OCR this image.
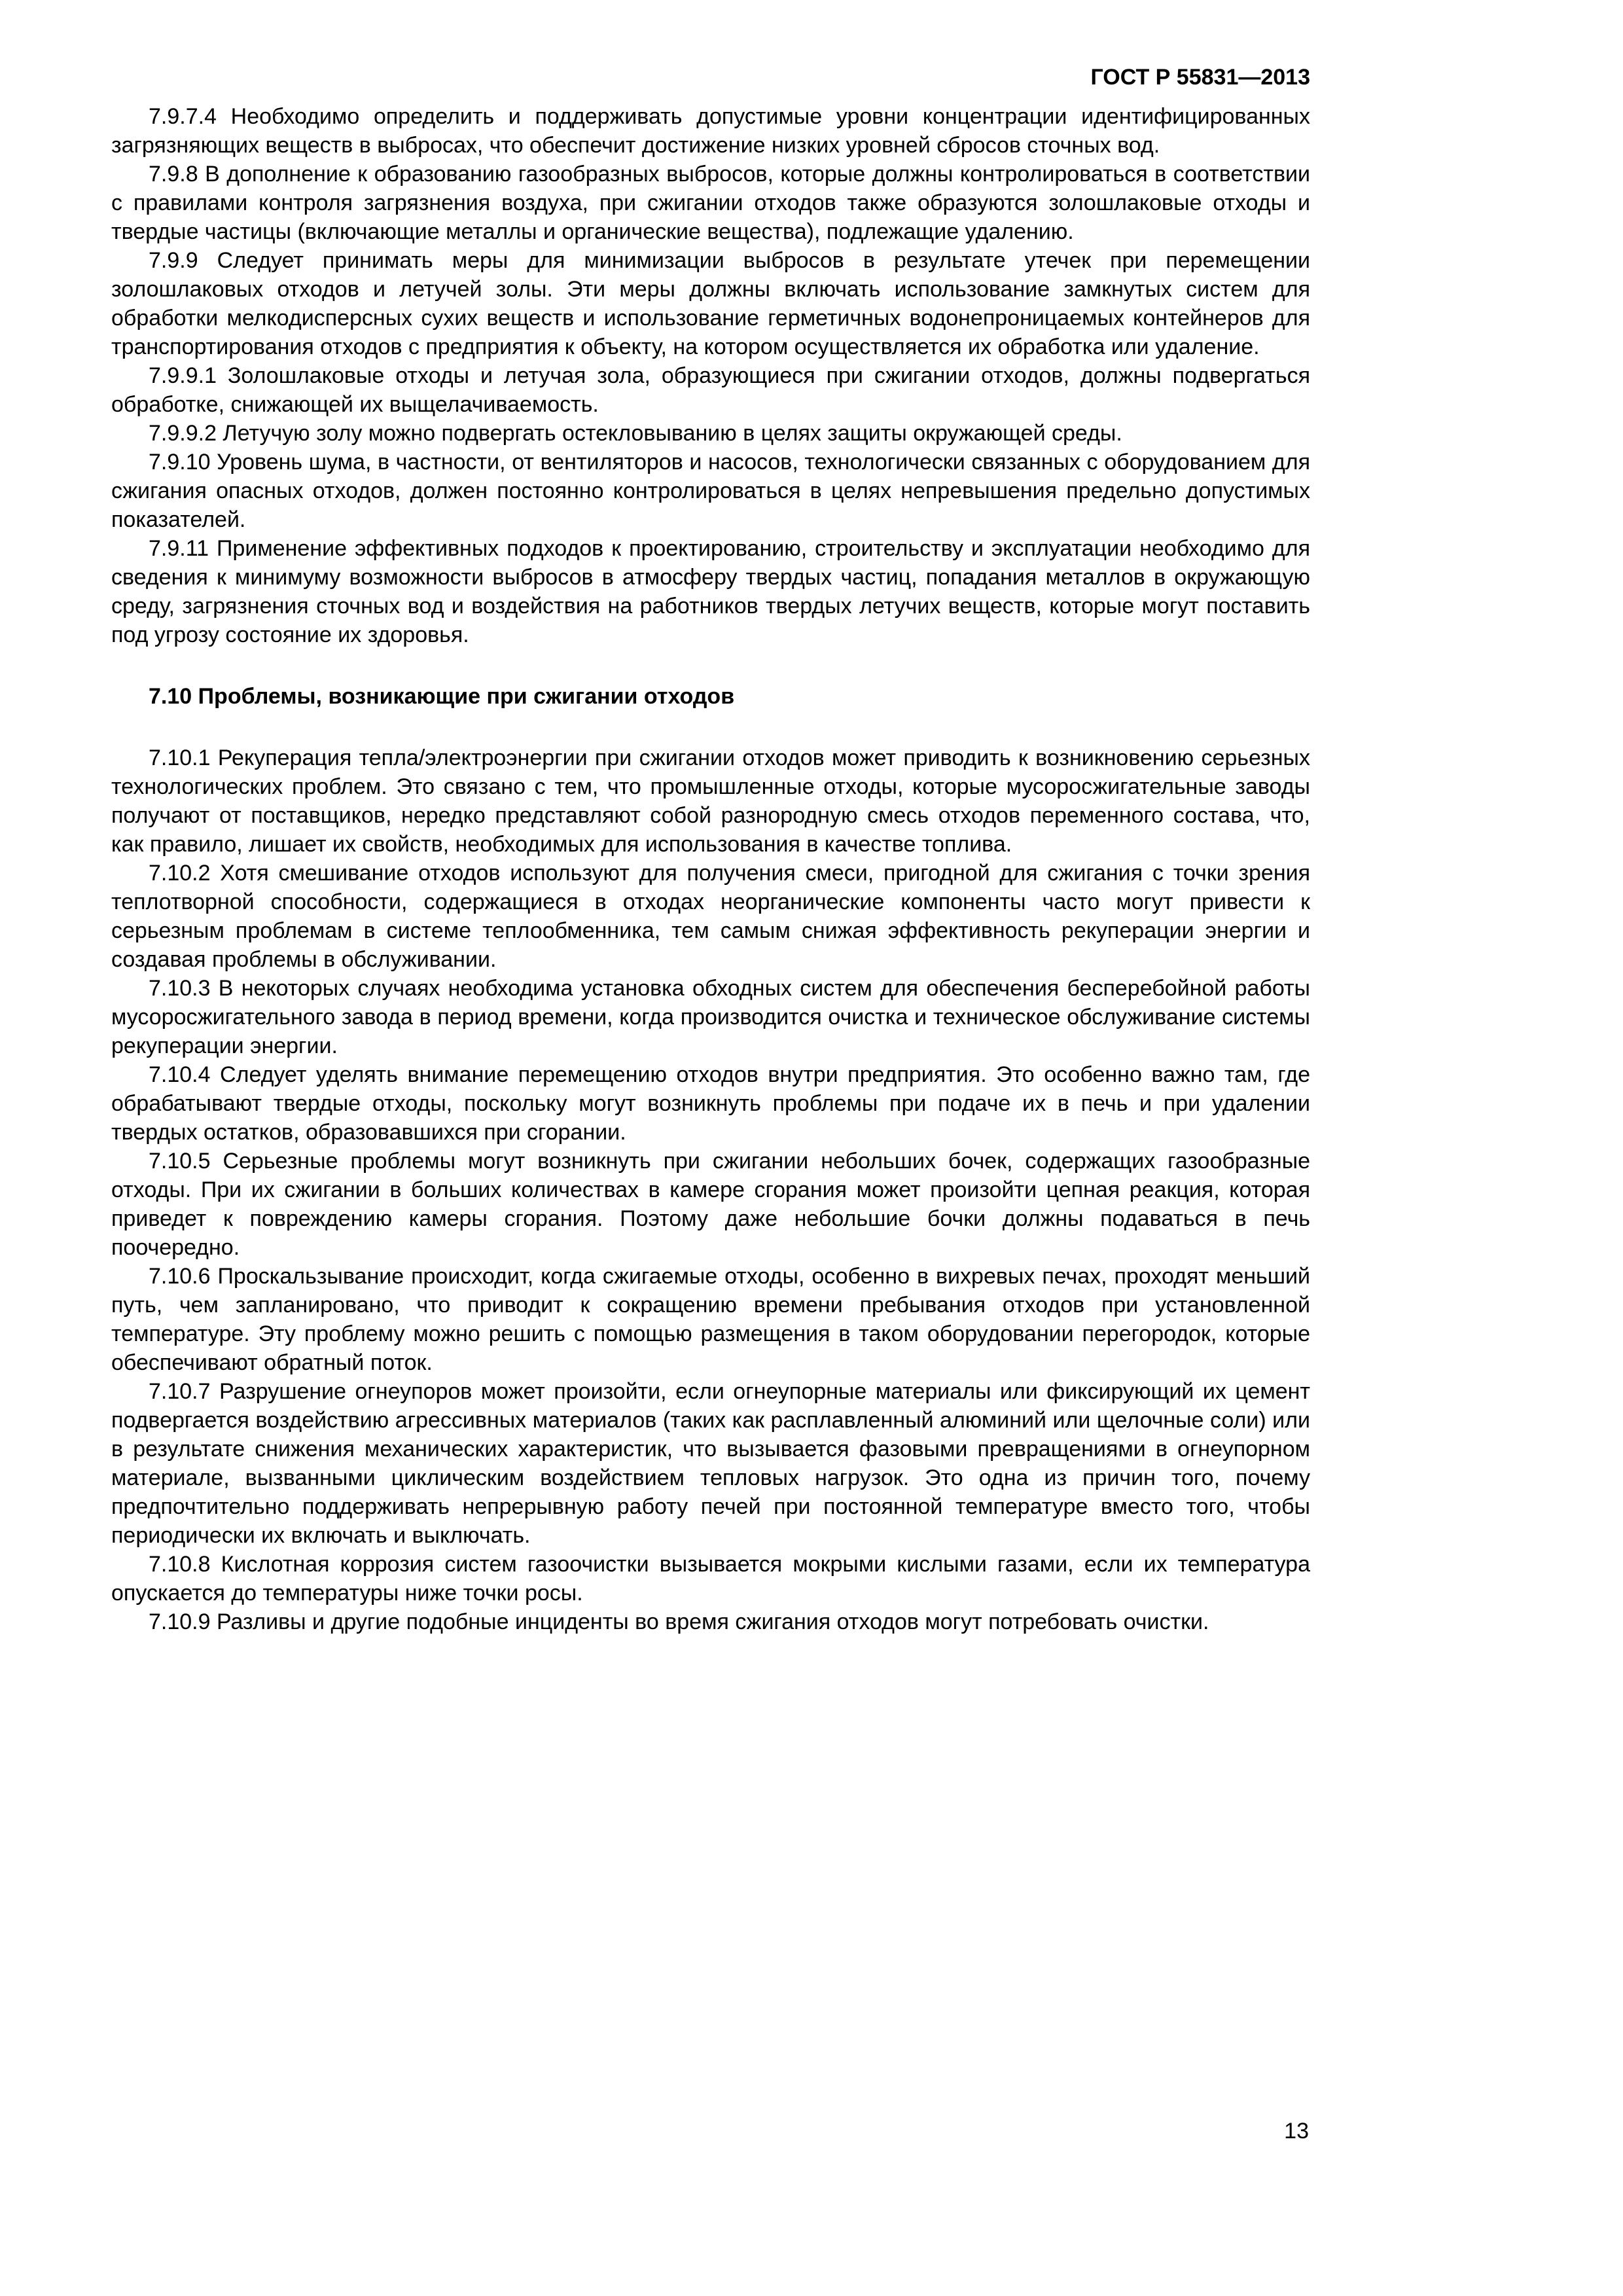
ГОСТ Р 55831—2013

7.9.7.4 Необходимо определить и поддерживать допустимые уровни концентрации идентифицированных загрязняющих веществ в выбросах, что обеспечит достижение низких уровней сбросов сточных вод.

7.9.8 В дополнение к образованию газообразных выбросов, которые должны контролироваться в соответствии с правилами контроля загрязнения воздуха, при сжигании отходов также образуются золошлаковые отходы и твердые частицы (включающие металлы и органические вещества), подлежащие удалению.

7.9.9 Следует принимать меры для минимизации выбросов в результате утечек при перемещении золошлаковых отходов и летучей золы. Эти меры должны включать использование замкнутых систем для обработки мелкодисперсных сухих веществ и использование герметичных водонепроницаемых контейнеров для транспортирования отходов с предприятия к объекту, на котором осуществляется их обработка или удаление.

7.9.9.1 Золошлаковые отходы и летучая зола, образующиеся при сжигании отходов, должны подвергаться обработке, снижающей их выщелачиваемость.

7.9.9.2 Летучую золу можно подвергать остекловыванию в целях защиты окружающей среды.

7.9.10 Уровень шума, в частности, от вентиляторов и насосов, технологически связанных с оборудованием для сжигания опасных отходов, должен постоянно контролироваться в целях непревышения предельно допустимых показателей.

7.9.11 Применение эффективных подходов к проектированию, строительству и эксплуатации необходимо для сведения к минимуму возможности выбросов в атмосферу твердых частиц, попадания металлов в окружающую среду, загрязнения сточных вод и воздействия на работников твердых летучих веществ, которые могут поставить под угрозу состояние их здоровья.

7.10 Проблемы, возникающие при сжигании отходов

7.10.1 Рекуперация тепла/электроэнергии при сжигании отходов может приводить к возникновению серьезных технологических проблем. Это связано с тем, что промышленные отходы, которые мусоросжигательные заводы получают от поставщиков, нередко представляют собой разнородную смесь отходов переменного состава, что, как правило, лишает их свойств, необходимых для использования в качестве топлива.

7.10.2 Хотя смешивание отходов используют для получения смеси, пригодной для сжигания с точки зрения теплотворной способности, содержащиеся в отходах неорганические компоненты часто могут привести к серьезным проблемам в системе теплообменника, тем самым снижая эффективность рекуперации энергии и создавая проблемы в обслуживании.

7.10.3 В некоторых случаях необходима установка обходных систем для обеспечения бесперебойной работы мусоросжигательного завода в период времени, когда производится очистка и техническое обслуживание системы рекуперации энергии.

7.10.4 Следует уделять внимание перемещению отходов внутри предприятия. Это особенно важно там, где обрабатывают твердые отходы, поскольку могут возникнуть проблемы при подаче их в печь и при удалении твердых остатков, образовавшихся при сгорании.

7.10.5 Серьезные проблемы могут возникнуть при сжигании небольших бочек, содержащих газообразные отходы. При их сжигании в больших количествах в камере сгорания может произойти цепная реакция, которая приведет к повреждению камеры сгорания. Поэтому даже небольшие бочки должны подаваться в печь поочередно.

7.10.6 Проскальзывание происходит, когда сжигаемые отходы, особенно в вихревых печах, проходят меньший путь, чем запланировано, что приводит к сокращению времени пребывания отходов при установленной температуре. Эту проблему можно решить с помощью размещения в таком оборудовании перегородок, которые обеспечивают обратный поток.

7.10.7 Разрушение огнеупоров может произойти, если огнеупорные материалы или фиксирующий их цемент подвергается воздействию агрессивных материалов (таких как расплавленный алюминий или щелочные соли) или в результате снижения механических характеристик, что вызывается фазовыми превращениями в огнеупорном материале, вызванными циклическим воздействием тепловых нагрузок. Это одна из причин того, почему предпочтительно поддерживать непрерывную работу печей при постоянной температуре вместо того, чтобы периодически их включать и выключать.

7.10.8 Кислотная коррозия систем газоочистки вызывается мокрыми кислыми газами, если их температура опускается до температуры ниже точки росы.

7.10.9 Разливы и другие подобные инциденты во время сжигания отходов могут потребовать очистки.

13
